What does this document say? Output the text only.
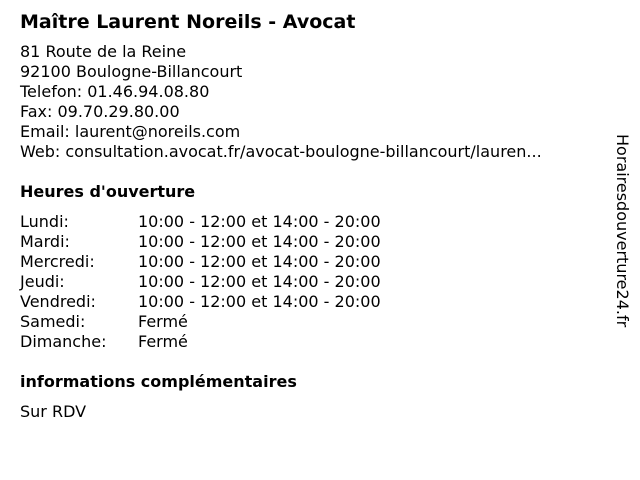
Maître Laurent Noreils - Avocat
81 Route de la Reine
92100 Boulogne-Billancourt
Telefon: 01.46.94.08.80
Fax: 09.70.29.80.00
Email: laurent@noreils.com
Web: consultation.avocat.fr/avocat-boulogne-billancourt/lauren...
Heures d'ouverture
Lundi:	10:00 - 12:00 et 14:00 - 20:00
Mardi:	10:00 - 12:00 et 14:00 - 20:00
Mercredi:	10:00 - 12:00 et 14:00 - 20:00
Jeudi:	10:00 - 12:00 et 14:00 - 20:00
Vendredi:	10:00 - 12:00 et 14:00 - 20:00
Samedi:	Fermé
Dimanche:	Fermé
informations complémentaires
Sur RDV
Horairesdouverture24.fr
